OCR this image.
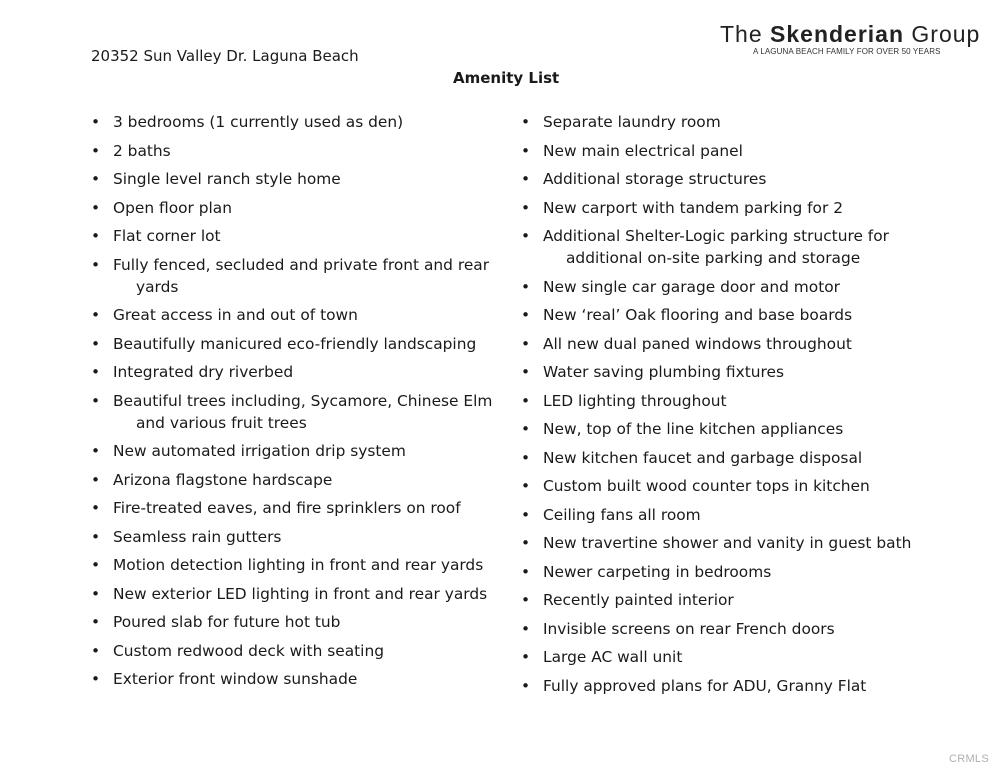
The Skenderian Group
A LAGUNA BEACH FAMILY FOR OVER 50 YEARS
20352 Sun Valley Dr. Laguna Beach
Amenity List
• 3 bedrooms (1 currently used as den)
• 2 baths
• Single level ranch style home
• Open floor plan
• Flat corner lot
• Fully fenced, secluded and private front and rear
yards
• Great access in and out of town
• Beautifully manicured eco-friendly landscaping
• Integrated dry riverbed
• Beautiful trees including, Sycamore, Chinese Elm
and various fruit trees
• New automated irrigation drip system
• Arizona flagstone hardscape
• Fire-treated eaves, and fire sprinklers on roof
• Seamless rain gutters
• Motion detection lighting in front and rear yards
• New exterior LED lighting in front and rear yards
• Poured slab for future hot tub
• Custom redwood deck with seating
• Exterior front window sunshade
• Separate laundry room
• New main electrical panel
• Additional storage structures
• New carport with tandem parking for 2
• Additional Shelter-Logic parking structure for
additional on-site parking and storage
• New single car garage door and motor
• New ‘real’ Oak flooring and base boards
• All new dual paned windows throughout
• Water saving plumbing fixtures
• LED lighting throughout
• New, top of the line kitchen appliances
• New kitchen faucet and garbage disposal
• Custom built wood counter tops in kitchen
• Ceiling fans all room
• New travertine shower and vanity in guest bath
• Newer carpeting in bedrooms
• Recently painted interior
• Invisible screens on rear French doors
• Large AC wall unit
• Fully approved plans for ADU, Granny Flat
CRMLS
